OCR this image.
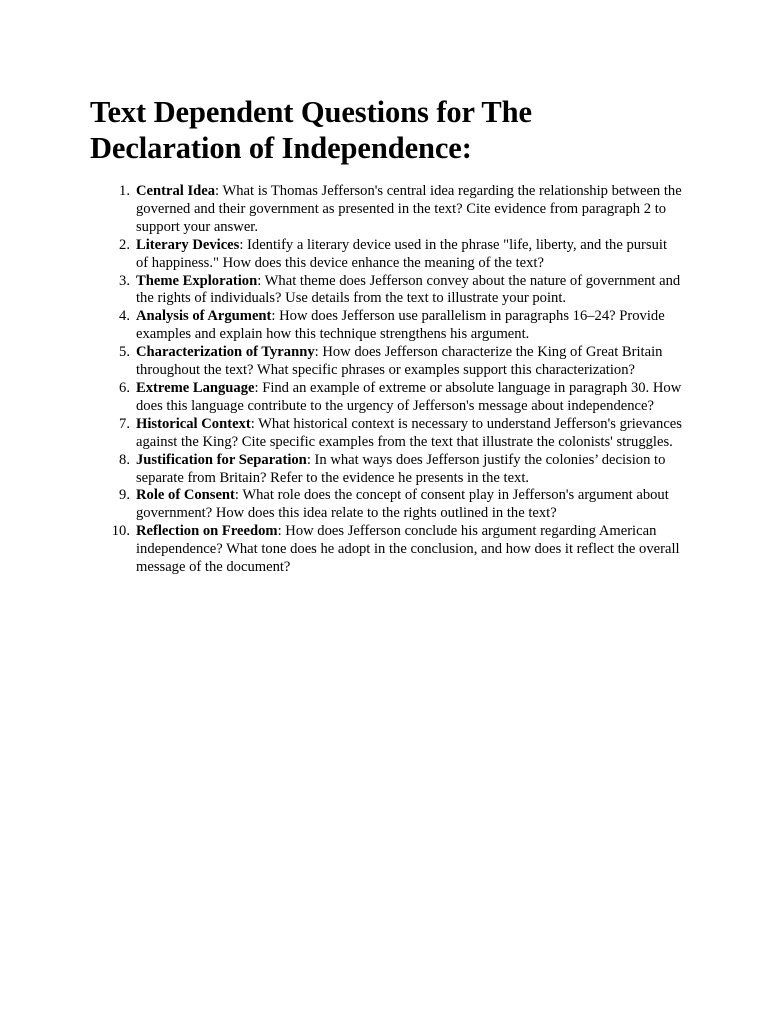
Text Dependent Questions for The
Declaration of Independence:
1. Central Idea: What is Thomas Jefferson's central idea regarding the relationship between the governed and their government as presented in the text? Cite evidence from paragraph 2 to support your answer.
2. Literary Devices: Identify a literary device used in the phrase "life, liberty, and the pursuit of happiness." How does this device enhance the meaning of the text?
3. Theme Exploration: What theme does Jefferson convey about the nature of government and the rights of individuals? Use details from the text to illustrate your point.
4. Analysis of Argument: How does Jefferson use parallelism in paragraphs 16–24? Provide examples and explain how this technique strengthens his argument.
5. Characterization of Tyranny: How does Jefferson characterize the King of Great Britain throughout the text? What specific phrases or examples support this characterization?
6. Extreme Language: Find an example of extreme or absolute language in paragraph 30. How does this language contribute to the urgency of Jefferson's message about independence?
7. Historical Context: What historical context is necessary to understand Jefferson's grievances against the King? Cite specific examples from the text that illustrate the colonists' struggles.
8. Justification for Separation: In what ways does Jefferson justify the colonies’ decision to separate from Britain? Refer to the evidence he presents in the text.
9. Role of Consent: What role does the concept of consent play in Jefferson's argument about government? How does this idea relate to the rights outlined in the text?
10. Reflection on Freedom: How does Jefferson conclude his argument regarding American independence? What tone does he adopt in the conclusion, and how does it reflect the overall message of the document?
